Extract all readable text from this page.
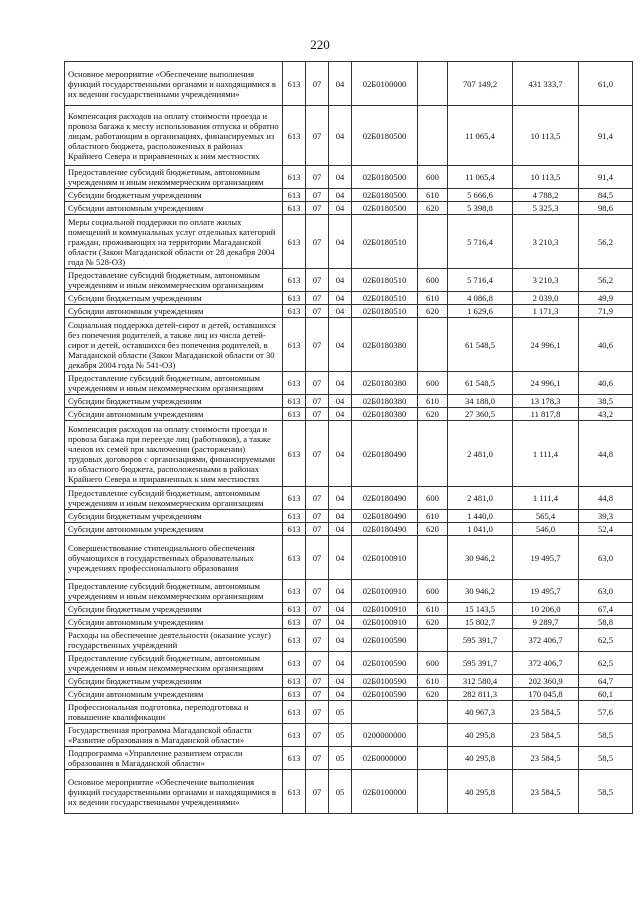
220
Основное мероприятие «Обеспечение выполнения функций государственными органами и находящимися в их ведении государственными учреждениями»	613	07	04	02Б0100000		707 149,2	431 333,7	61,0
Компенсация расходов на оплату стоимости проезда и провоза багажа к месту использования отпуска и обратно лицам, работающим в организациях, финансируемых из областного бюджета, расположенных в районах Крайнего Севера и приравненных к ним местностях	613	07	04	02Б0180500		11 065,4	10 113,5	91,4
Предоставление субсидий бюджетным, автономным учреждениям и иным некоммерческим организациям	613	07	04	02Б0180500	600	11 065,4	10 113,5	91,4
Субсидии бюджетным учреждениям	613	07	04	02Б0180500	610	5 666,6	4 788,2	84,5
Субсидии автономным учреждениям	613	07	04	02Б0180500	620	5 398,8	5 325,3	98,6
Меры социальной поддержки по оплате жилых помещений и коммунальных услуг отдельных категорий граждан, проживающих на территории Магаданской области (Закон Магаданской области от 28 декабря 2004 года № 528-ОЗ)	613	07	04	02Б0180510		5 716,4	3 210,3	56,2
Предоставление субсидий бюджетным, автономным учреждениям и иным некоммерческим организациям	613	07	04	02Б0180510	600	5 716,4	3 210,3	56,2
Субсидии бюджетным учреждениям	613	07	04	02Б0180510	610	4 086,8	2 039,0	49,9
Субсидии автономным учреждениям	613	07	04	02Б0180510	620	1 629,6	1 171,3	71,9
Социальная поддержка детей-сирот и детей, оставшихся без попечения родителей, а также лиц из числа детей-сирот и детей, оставшихся без попечения родителей, в Магаданской области (Закон Магаданской области от 30 декабря 2004 года № 541-ОЗ)	613	07	04	02Б0180380		61 548,5	24 996,1	40,6
Предоставление субсидий бюджетным, автономным учреждениям и иным некоммерческим организациям	613	07	04	02Б0180380	600	61 548,5	24 996,1	40,6
Субсидии бюджетным учреждениям	613	07	04	02Б0180380	610	34 188,0	13 178,3	38,5
Субсидии автономным учреждениям	613	07	04	02Б0180380	620	27 360,5	11 817,8	43,2
Компенсация расходов на оплату стоимости проезда и провоза багажа при переезде лиц (работников), а также членов их семей при заключении (расторжении) трудовых договоров с организациями, финансируемыми из областного бюджета, расположенными в районах Крайнего Севера и приравненных к ним местностях	613	07	04	02Б0180490		2 481,0	1 111,4	44,8
Предоставление субсидий бюджетным, автономным учреждениям и иным некоммерческим организациям	613	07	04	02Б0180490	600	2 481,0	1 111,4	44,8
Субсидии бюджетным учреждениям	613	07	04	02Б0180490	610	1 440,0	565,4	39,3
Субсидии автономным учреждениям	613	07	04	02Б0180490	620	1 041,0	546,0	52,4
Совершенствование стипендиального обеспечения обучающихся в государственных образовательных учреждениях профессионального образования	613	07	04	02Б0100910		30 946,2	19 495,7	63,0
Предоставление субсидий бюджетным, автономным учреждениям и иным некоммерческим организациям	613	07	04	02Б0100910	600	30 946,2	19 495,7	63,0
Субсидии бюджетным учреждениям	613	07	04	02Б0100910	610	15 143,5	10 206,0	67,4
Субсидии автономным учреждениям	613	07	04	02Б0100910	620	15 802,7	9 289,7	58,8
Расходы на обеспечение деятельности (оказание услуг) государственных учреждений	613	07	04	02Б0100590		595 391,7	372 406,7	62,5
Предоставление субсидий бюджетным, автономным учреждениям и иным некоммерческим организациям	613	07	04	02Б0100590	600	595 391,7	372 406,7	62,5
Субсидии бюджетным учреждениям	613	07	04	02Б0100590	610	312 580,4	202 360,9	64,7
Субсидии автономным учреждениям	613	07	04	02Б0100590	620	282 811,3	170 045,8	60,1
Профессиональная подготовка, переподготовка и повышение квалификации	613	07	05			40 967,3	23 584,5	57,6
Государственная программа Магаданской области «Развитие образования в Магаданской области»	613	07	05	0200000000		40 295,8	23 584,5	58,5
Подпрограмма «Управление развитием отрасли образования в Магаданской области»	613	07	05	02Б0000000		40 295,8	23 584,5	58,5
Основное мероприятие «Обеспечение выполнения функций государственными органами и находящимися в их ведении государственными учреждениями»	613	07	05	02Б0100000		40 295,8	23 584,5	58,5
